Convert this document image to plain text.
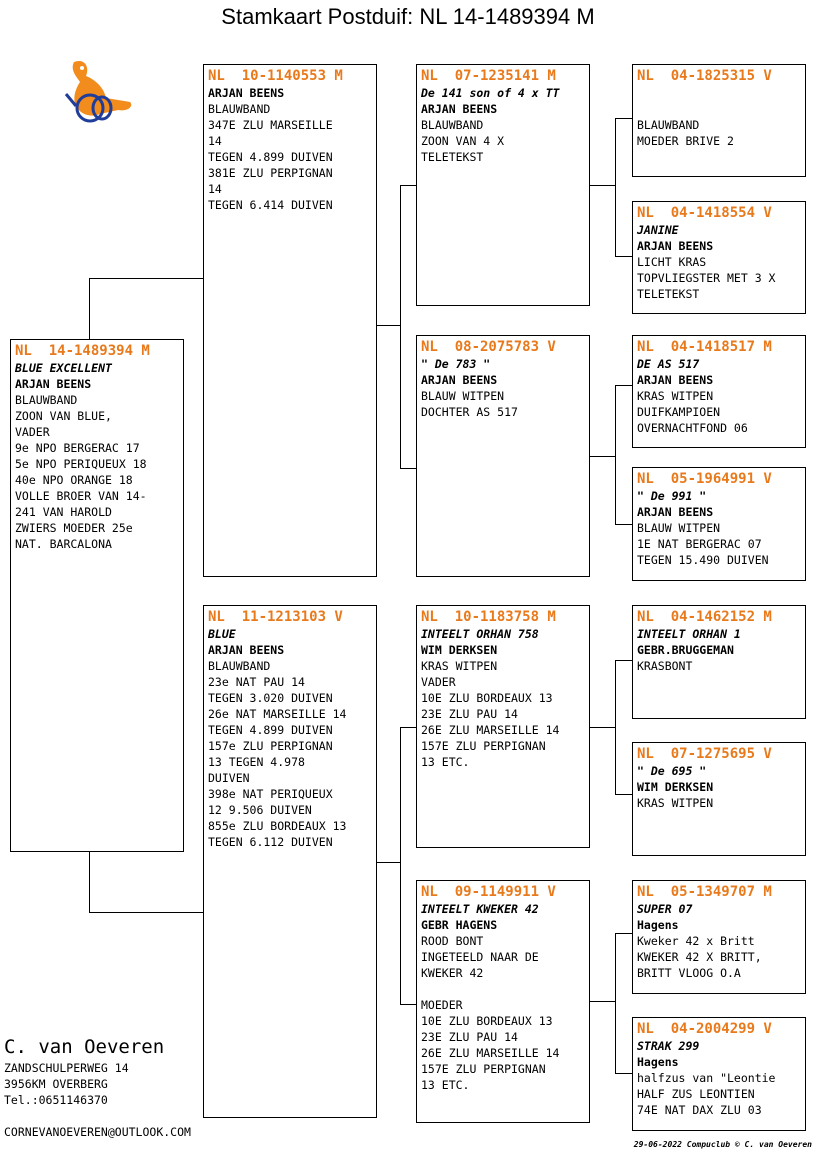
Stamkaart Postduif: NL 14-1489394 M
NL  14-1489394 M
BLUE EXCELLENT
ARJAN BEENS
BLAUWBAND
ZOON VAN BLUE,
VADER
9e NPO BERGERAC 17
5e NPO PERIQUEUX 18
40e NPO ORANGE 18
VOLLE BROER VAN 14-
241 VAN HAROLD
ZWIERS MOEDER 25e
NAT. BARCALONA
NL  10-1140553 M
ARJAN BEENS
BLAUWBAND
347E ZLU MARSEILLE
14
TEGEN 4.899 DUIVEN
381E ZLU PERPIGNAN
14
TEGEN 6.414 DUIVEN
NL  11-1213103 V
BLUE
ARJAN BEENS
BLAUWBAND
23e NAT PAU 14
TEGEN 3.020 DUIVEN
26e NAT MARSEILLE 14
TEGEN 4.899 DUIVEN
157e ZLU PERPIGNAN
13 TEGEN 4.978
DUIVEN
398e NAT PERIQUEUX
12 9.506 DUIVEN
855e ZLU BORDEAUX 13
TEGEN 6.112 DUIVEN
NL  07-1235141 M
De 141 son of 4 x TT
ARJAN BEENS
BLAUWBAND
ZOON VAN 4 X
TELETEKST
NL  08-2075783 V
" De 783 "
ARJAN BEENS
BLAUW WITPEN
DOCHTER AS 517
NL  10-1183758 M
INTEELT ORHAN 758
WIM DERKSEN
KRAS WITPEN
VADER
10E ZLU BORDEAUX 13
23E ZLU PAU 14
26E ZLU MARSEILLE 14
157E ZLU PERPIGNAN
13 ETC.
NL  09-1149911 V
INTEELT KWEKER 42
GEBR HAGENS
ROOD BONT
INGETEELD NAAR DE
KWEKER 42
MOEDER
10E ZLU BORDEAUX 13
23E ZLU PAU 14
26E ZLU MARSEILLE 14
157E ZLU PERPIGNAN
13 ETC.
NL  04-1825315 V
BLAUWBAND
MOEDER BRIVE 2
NL  04-1418554 V
JANINE
ARJAN BEENS
LICHT KRAS
TOPVLIEGSTER MET 3 X
TELETEKST
NL  04-1418517 M
DE AS 517
ARJAN BEENS
KRAS WITPEN
DUIFKAMPIOEN
OVERNACHTFOND 06
NL  05-1964991 V
" De 991 "
ARJAN BEENS
BLAUW WITPEN
1E NAT BERGERAC 07
TEGEN 15.490 DUIVEN
NL  04-1462152 M
INTEELT ORHAN 1
GEBR.BRUGGEMAN
KRASBONT
NL  07-1275695 V
" De 695 "
WIM DERKSEN
KRAS WITPEN
NL  05-1349707 M
SUPER 07
Hagens
Kweker 42 x Britt
KWEKER 42 X BRITT,
BRITT VLOOG O.A
NL  04-2004299 V
STRAK 299
Hagens
halfzus van "Leontie
HALF ZUS LEONTIEN
74E NAT DAX ZLU 03
C. van Oeveren
ZANDSCHULPERWEG 14
3956KM OVERBERG
Tel.:0651146370
CORNEVANOEVEREN@OUTLOOK.COM
29-06-2022 Compuclub © C. van Oeveren
